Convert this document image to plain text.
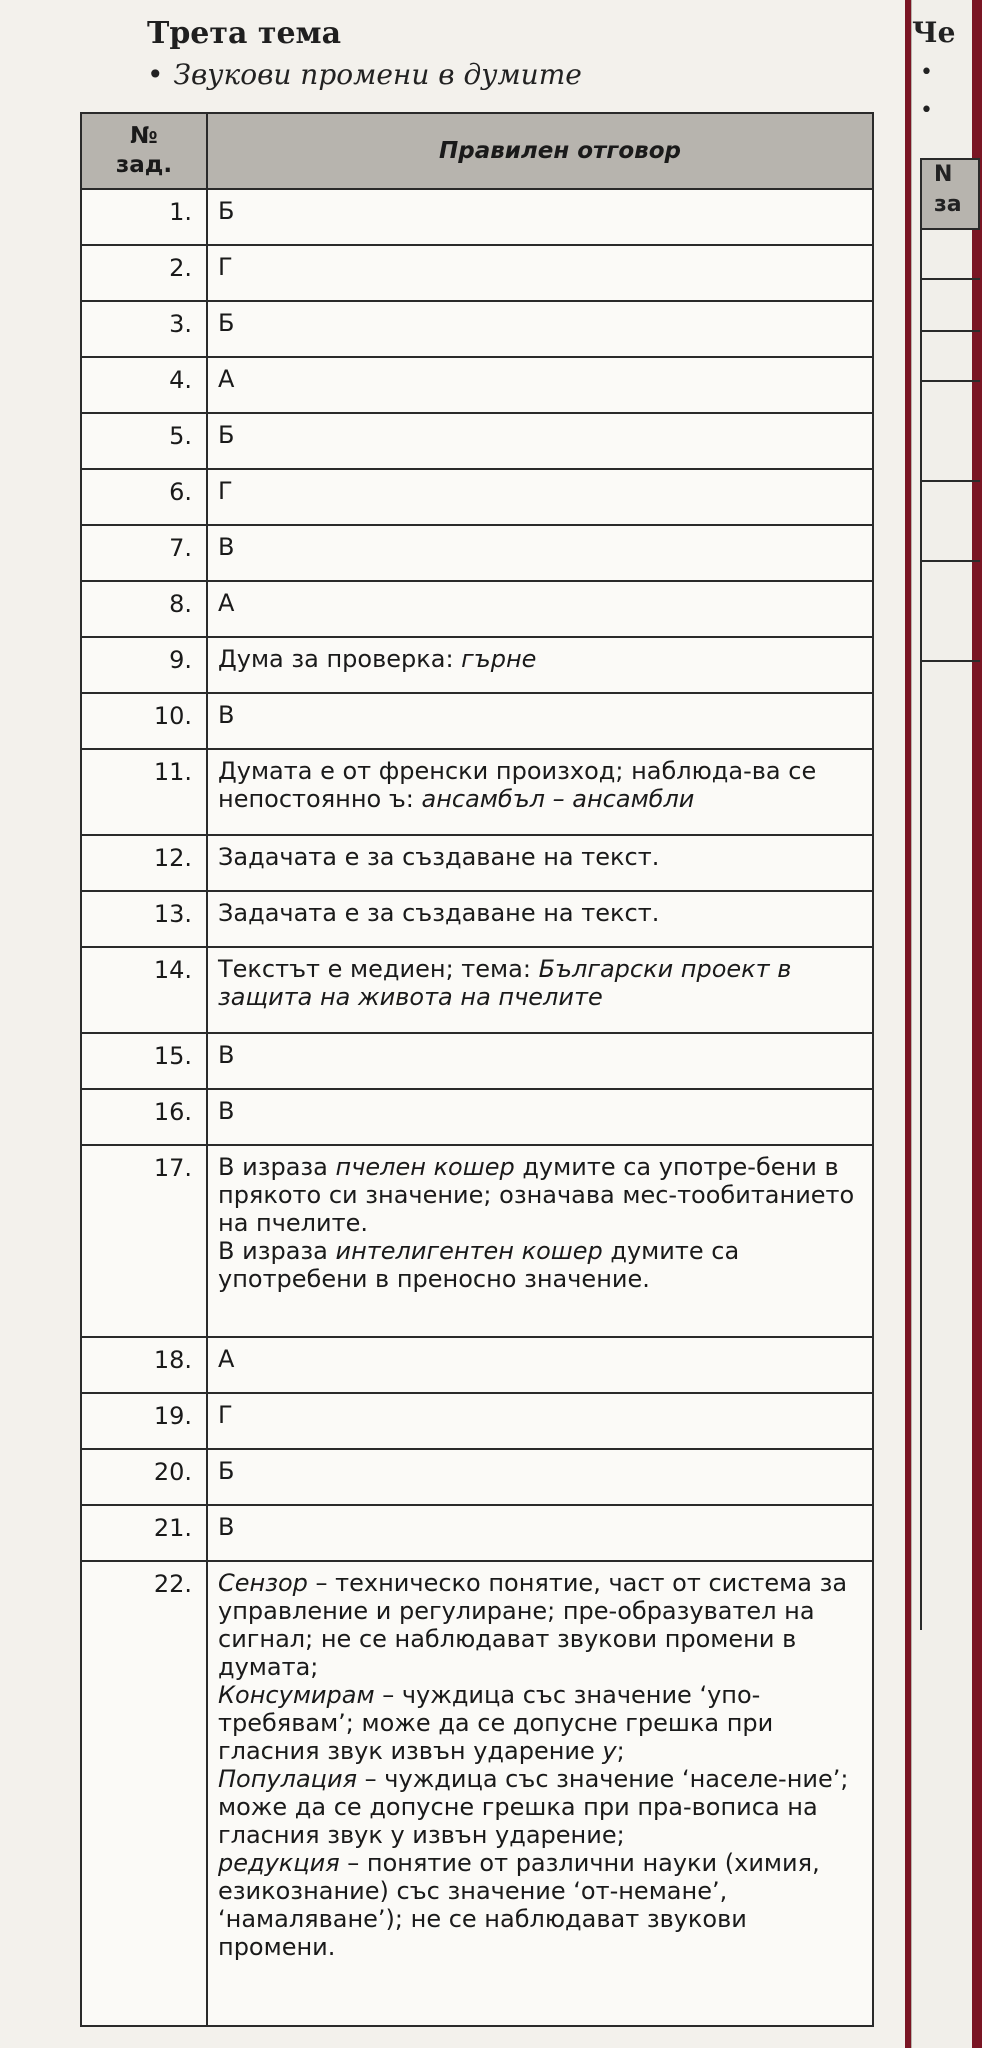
Трета тема
• Звукови промени в думите
№
зад.	Правилен отговор
1.	Б
2.	Г
3.	Б
4.	А
5.	Б
6.	Г
7.	В
8.	А
9.	Дума за проверка: гърне
10.	В
11.	Думата е от френски произход; наблюда-ва се непостоянно ъ: ансамбъл – ансамбли
12.	Задачата е за създаване на текст.
13.	Задачата е за създаване на текст.
14.	Текстът е медиен; тема: Български проект в защита на живота на пчелите
15.	В
16.	В
17.	В израза пчелен кошер думите са употре-бени в прякото си значение; означава мес-тообитанието на пчелите.
В израза интелигентен кошер думите са употребени в преносно значение.
18.	А
19.	Г
20.	Б
21.	В
22.	Сензор – техническо понятие, част от система за управление и регулиране; пре-образувател на сигнал; не се наблюдават звукови промени в думата;
Консумирам – чуждица със значение ‘упо-требявам’; може да се допусне грешка при гласния звук извън ударение у;
Популация – чуждица със значение ‘населе-ние’; може да се допусне грешка при пра-вописа на гласния звук у извън ударение;
редукция – понятие от различни науки (химия, езикознание) със значение ‘от-немане’, ‘намаляване’); не се наблюдават звукови промени.
Че
•
•
N
за
